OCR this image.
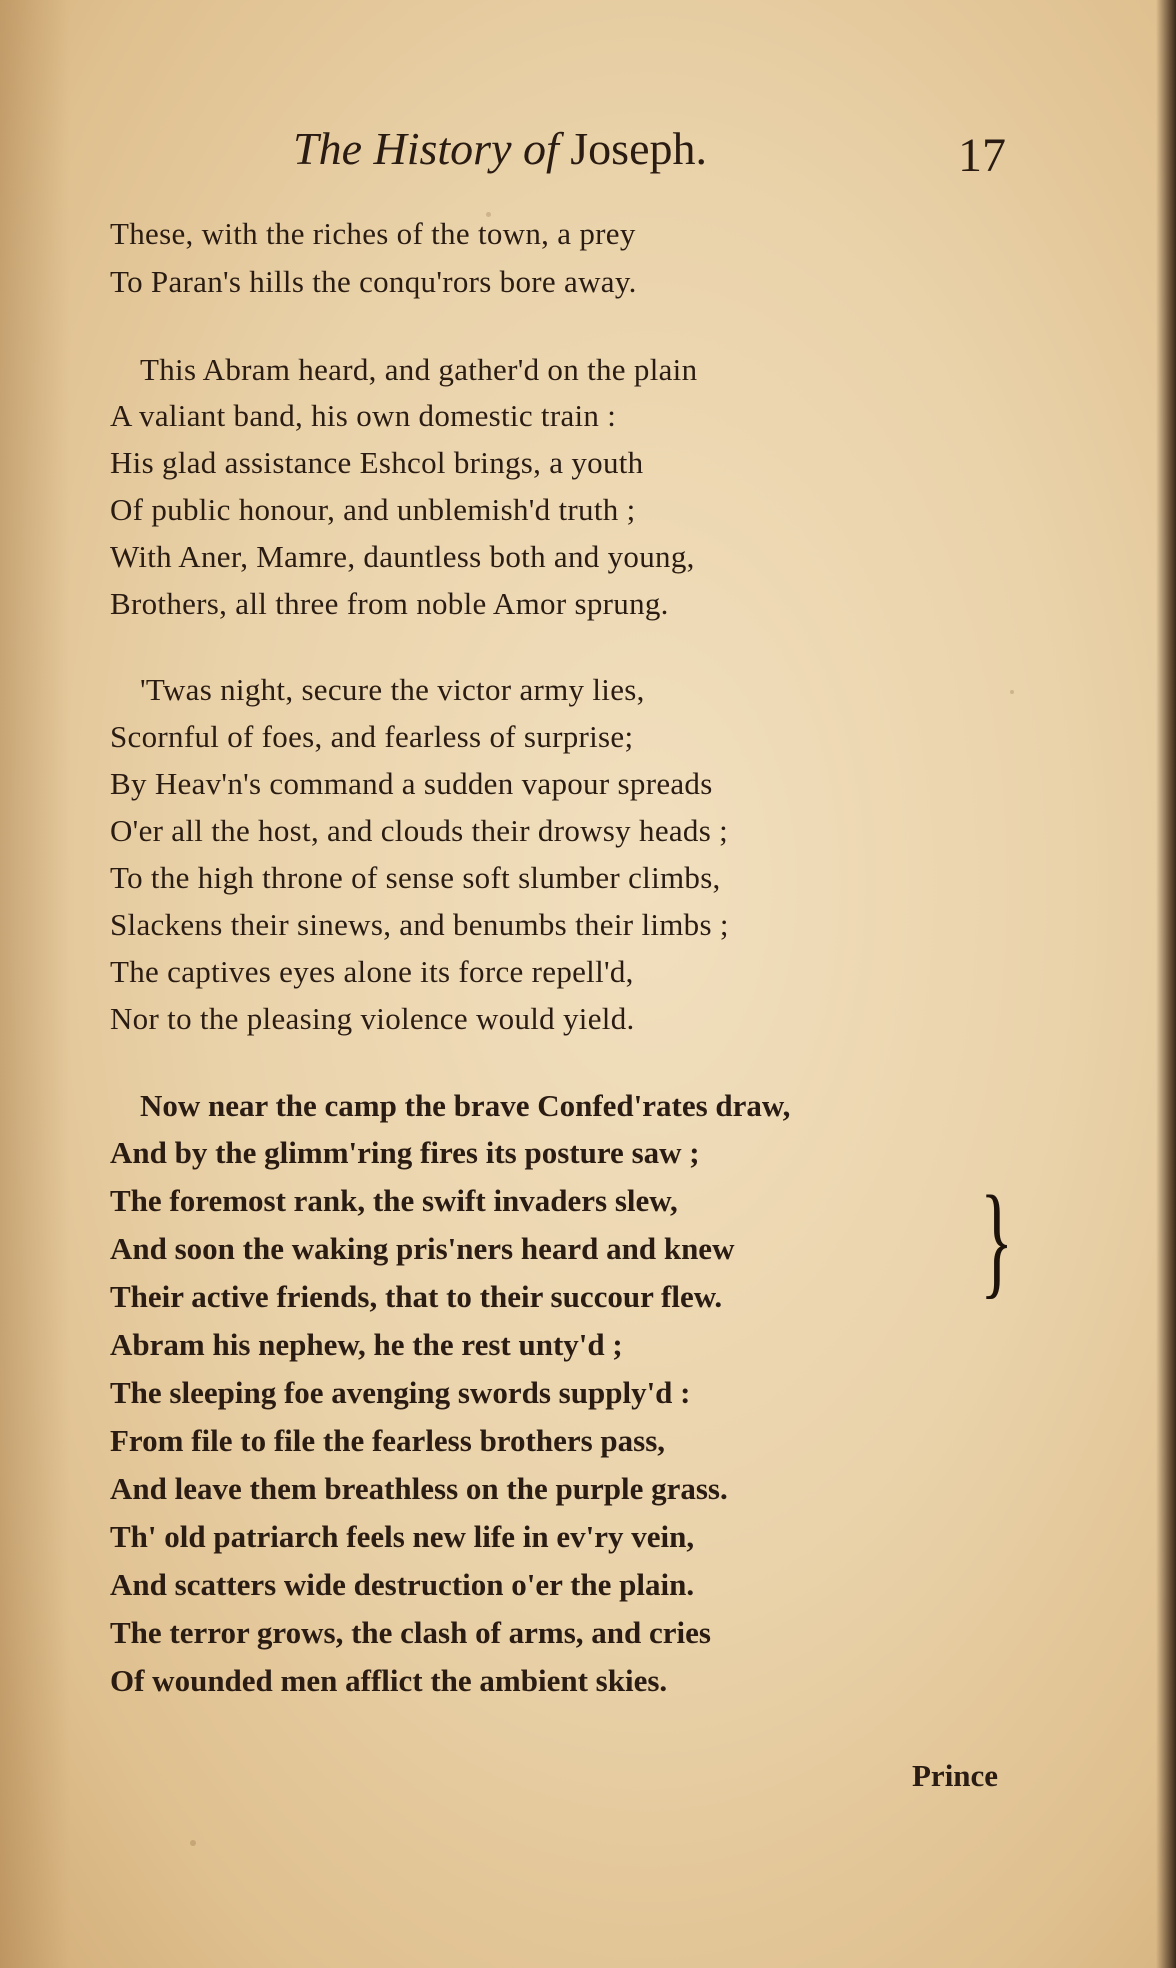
The History of Joseph.	17
These, with the riches of the town, a prey
To Paran's hills the conqu'rors bore away.
This Abram heard, and gather'd on the plain
A valiant band, his own domestic train :
His glad assistance Eshcol brings, a youth
Of public honour, and unblemish'd truth ;
With Aner, Mamre, dauntless both and young,
Brothers, all three from noble Amor sprung.
'Twas night, secure the victor army lies,
Scornful of foes, and fearless of surprise;
By Heav'n's command a sudden vapour spreads
O'er all the host, and clouds their drowsy heads ;
To the high throne of sense soft slumber climbs,
Slackens their sinews, and benumbs their limbs ;
The captives eyes alone its force repell'd,
Nor to the pleasing violence would yield.
Now near the camp the brave Confed'rates draw,
And by the glimm'ring fires its posture saw ;
The foremost rank, the swift invaders slew,
And soon the waking pris'ners heard and knew
Their active friends, that to their succour flew.
Abram his nephew, he the rest unty'd ;
The sleeping foe avenging swords supply'd :
From file to file the fearless brothers pass,
And leave them breathless on the purple grass.
Th' old patriarch feels new life in ev'ry vein,
And scatters wide destruction o'er the plain.
The terror grows, the clash of arms, and cries
Of wounded men afflict the ambient skies.
}
Prince
